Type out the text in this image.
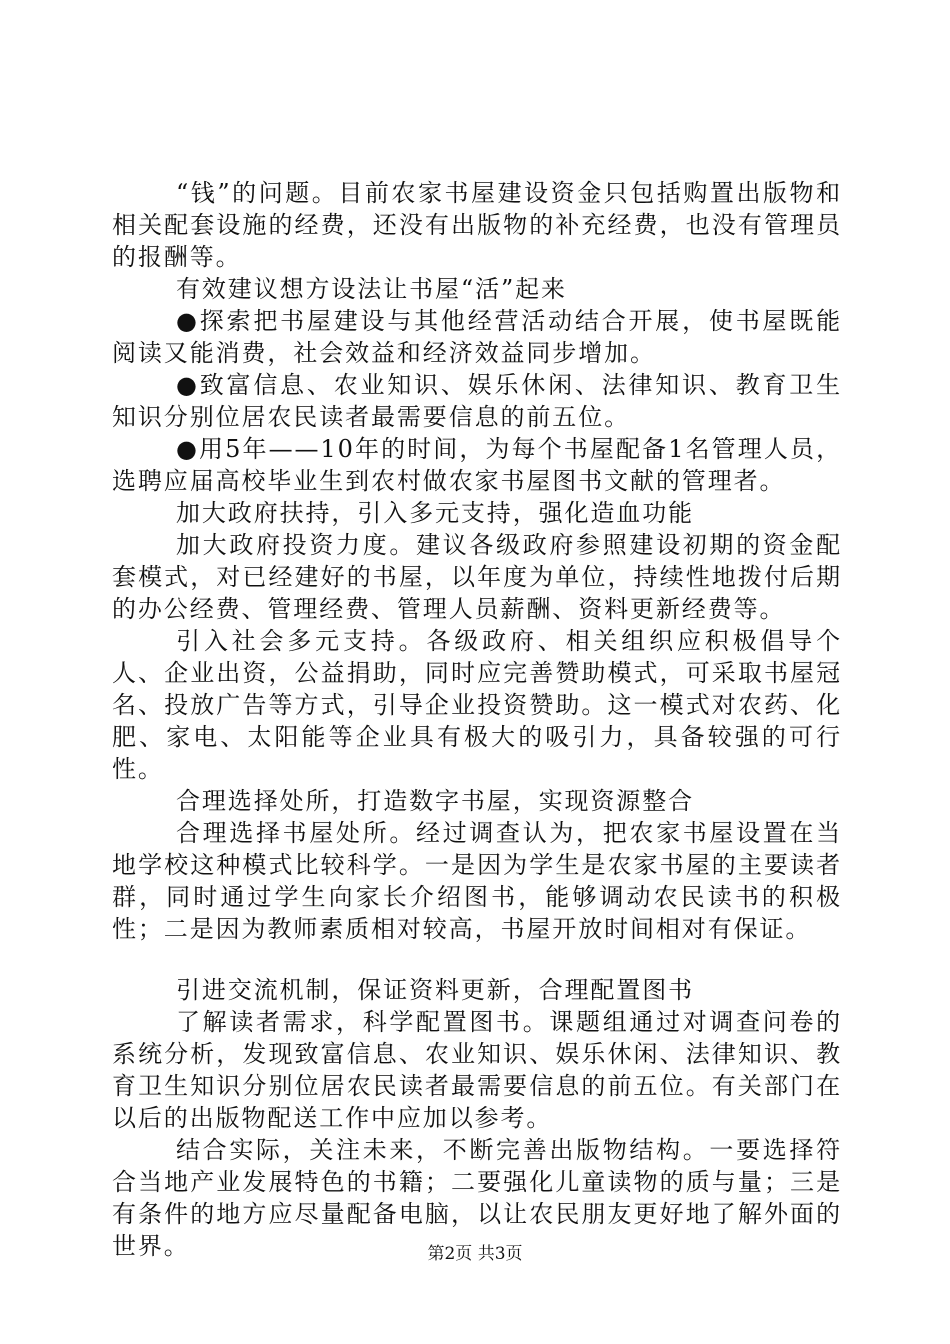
“钱”的问题。目前农家书屋建设资金只包括购置出版物和相关配套设施的经费，还没有出版物的补充经费，也没有管理员的报酬等。

有效建议想方设法让书屋“活”起来

●探索把书屋建设与其他经营活动结合开展，使书屋既能阅读又能消费，社会效益和经济效益同步增加。

●致富信息、农业知识、娱乐休闲、法律知识、教育卫生知识分别位居农民读者最需要信息的前五位。

●用5年——10年的时间，为每个书屋配备1名管理人员，选聘应届高校毕业生到农村做农家书屋图书文献的管理者。

加大政府扶持，引入多元支持，强化造血功能

加大政府投资力度。建议各级政府参照建设初期的资金配套模式，对已经建好的书屋，以年度为单位，持续性地拨付后期的办公经费、管理经费、管理人员薪酬、资料更新经费等。

引入社会多元支持。各级政府、相关组织应积极倡导个人、企业出资，公益捐助，同时应完善赞助模式，可采取书屋冠名、投放广告等方式，引导企业投资赞助。这一模式对农药、化肥、家电、太阳能等企业具有极大的吸引力，具备较强的可行性。

合理选择处所，打造数字书屋，实现资源整合

合理选择书屋处所。经过调查认为，把农家书屋设置在当地学校这种模式比较科学。一是因为学生是农家书屋的主要读者群，同时通过学生向家长介绍图书，能够调动农民读书的积极性；二是因为教师素质相对较高，书屋开放时间相对有保证。

引进交流机制，保证资料更新，合理配置图书

了解读者需求，科学配置图书。课题组通过对调查问卷的系统分析，发现致富信息、农业知识、娱乐休闲、法律知识、教育卫生知识分别位居农民读者最需要信息的前五位。有关部门在以后的出版物配送工作中应加以参考。

结合实际，关注未来，不断完善出版物结构。一要选择符合当地产业发展特色的书籍；二要强化儿童读物的质与量；三是有条件的地方应尽量配备电脑，以让农民朋友更好地了解外面的世界。	第2页 共3页
